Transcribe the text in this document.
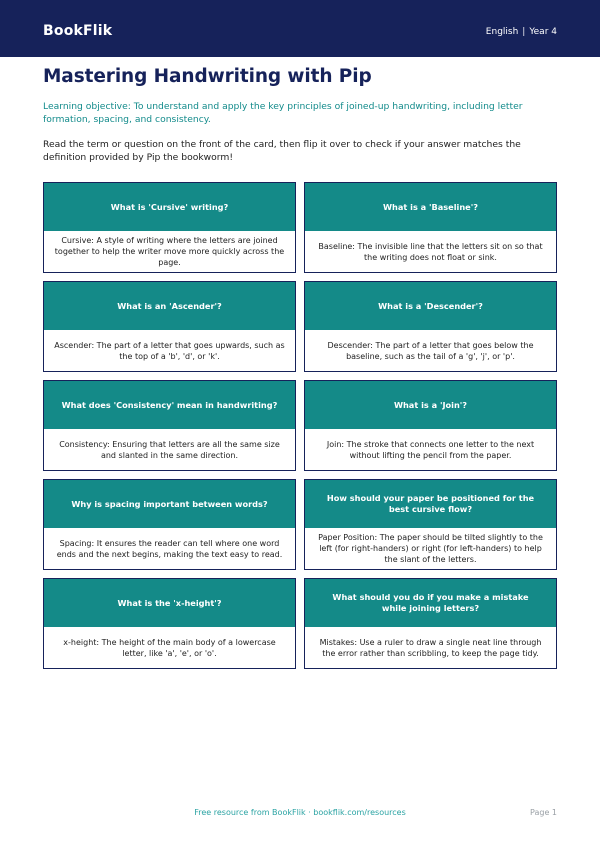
BookFlik	English | Year 4
Mastering Handwriting with Pip

Learning objective: To understand and apply the key principles of joined-up handwriting, including letter formation, spacing, and consistency.

Read the term or question on the front of the card, then flip it over to check if your answer matches the definition provided by Pip the bookworm!

What is 'Cursive' writing?
Cursive: A style of writing where the letters are joined together to help the writer move more quickly across the page.
What is a 'Baseline'?
Baseline: The invisible line that the letters sit on so that the writing does not float or sink.
What is an 'Ascender'?
Ascender: The part of a letter that goes upwards, such as the top of a 'b', 'd', or 'k'.
What is a 'Descender'?
Descender: The part of a letter that goes below the baseline, such as the tail of a 'g', 'j', or 'p'.
What does 'Consistency' mean in handwriting?
Consistency: Ensuring that letters are all the same size and slanted in the same direction.
What is a 'Join'?
Join: The stroke that connects one letter to the next without lifting the pencil from the paper.
Why is spacing important between words?
Spacing: It ensures the reader can tell where one word ends and the next begins, making the text easy to read.
How should your paper be positioned for the best cursive flow?
Paper Position: The paper should be tilted slightly to the left (for right-handers) or right (for left-handers) to help the slant of the letters.
What is the 'x-height'?
x-height: The height of the main body of a lowercase letter, like 'a', 'e', or 'o'.
What should you do if you make a mistake while joining letters?
Mistakes: Use a ruler to draw a single neat line through the error rather than scribbling, to keep the page tidy.
Free resource from BookFlik · bookflik.com/resources	Page 1
